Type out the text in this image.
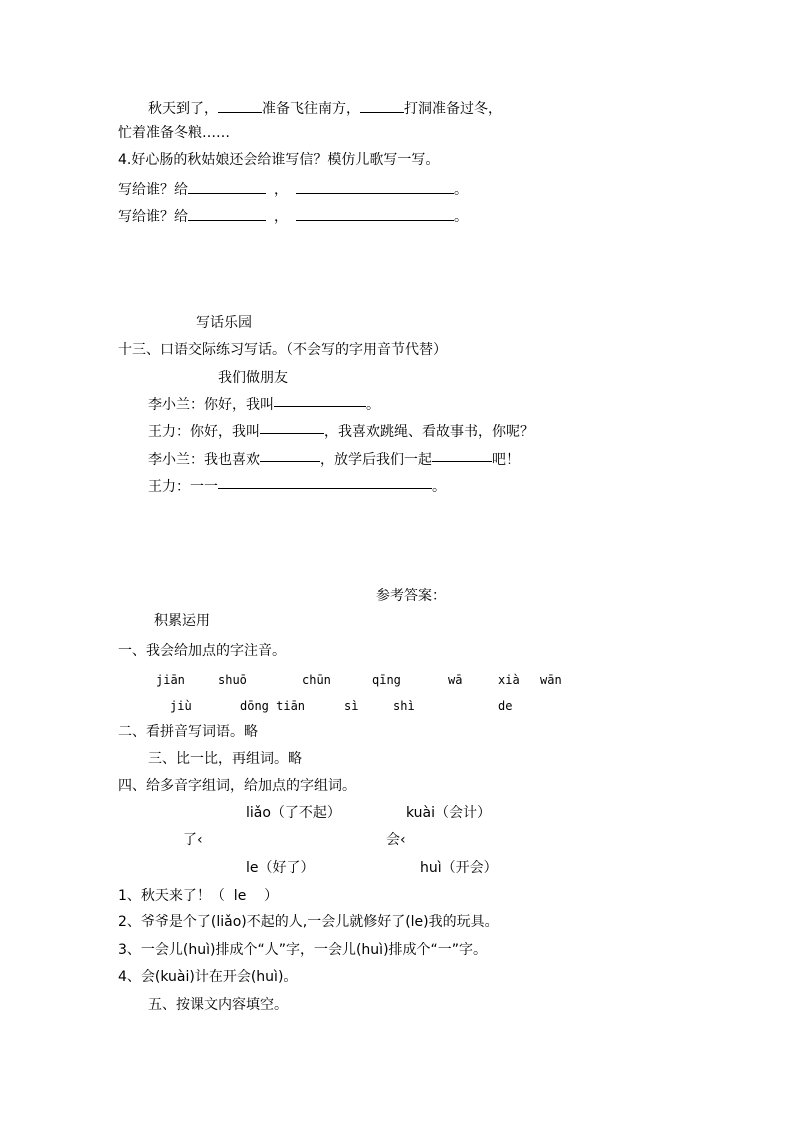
秋天到了，	准备飞往南方，	打洞准备过冬，
忙着准备冬粮……
4.好心肠的秋姑娘还会给谁写信？模仿儿歌写一写。
写给谁？给	，	。
写给谁？给	，	。
写话乐园
十三、口语交际练习写话。（不会写的字用音节代替）
我们做朋友
李小兰：你好，我叫	。
王力：你好，我叫	，我喜欢跳绳、看故事书，你呢？
李小兰：我也喜欢	，放学后我们一起	吧！
王力：一一	。
参考答案：
积累运用
一、我会给加点的字注音。
jiān	shuō	chūn	qīng	wā	xià wān
jiù	dōng tiān	sì	shì	de
二、看拼音写词语。略
三、比一比，再组词。略
四、给多音字组词，给加点的字组词。
liǎo（了不起）	kuài（会计）
了‹	会‹
le（好了）	huì（开会）
1、秋天来了！（  le    ）
2、爷爷是个了(liǎo)不起的人,一会儿就修好了(le)我的玩具。
3、一会儿(huì)排成个“人”字，一会儿(huì)排成个“一”字。
4、会(kuài)计在开会(huì)。
五、按课文内容填空。
